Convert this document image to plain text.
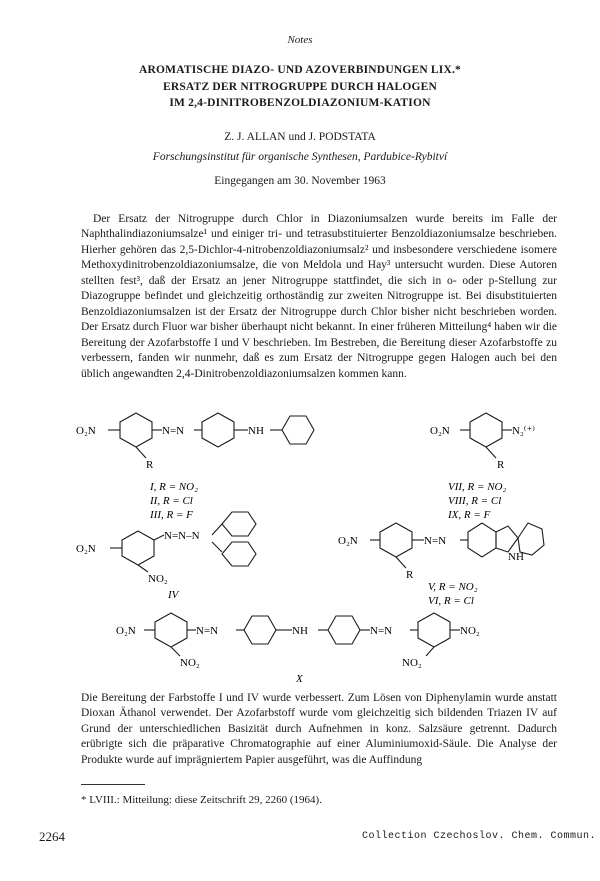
Notes
AROMATISCHE DIAZO- UND AZOVERBINDUNGEN LIX.*
ERSATZ DER NITROGRUPPE DURCH HALOGEN
IM 2,4-DINITROBENZOLDIAZONIUM-KATION
Z. J. ALLAN und J. PODSTATA
Forschungsinstitut für organische Synthesen, Pardubice-Rybitví
Eingegangen am 30. November 1963

Der Ersatz der Nitrogruppe durch Chlor in Diazoniumsalzen wurde bereits im Falle der Naphthalindiazoniumsalze¹ und einiger tri- und tetrasubstituierter Benzoldiazoniumsalze beschrieben. Hierher gehören das 2,5-Dichlor-4-nitrobenzoldiazoniumsalz² und insbesondere verschiedene isomere Methoxydinitrobenzoldiazoniumsalze, die von Meldola und Hay³ untersucht wurden. Diese Autoren stellten fest³, daß der Ersatz an jener Nitrogruppe stattfindet, die sich in o- oder p-Stellung zur Diazogruppe befindet und gleichzeitig orthoständig zur zweiten Nitrogruppe ist. Bei disubstituierten Benzoldiazoniumsalzen ist der Ersatz der Nitrogruppe durch Chlor bisher nicht beschrieben worden. Der Ersatz durch Fluor war bisher überhaupt nicht bekannt. In einer früheren Mitteilung⁴ haben wir die Bereitung der Azofarbstoffe I und V beschrieben. Im Bestreben, die Bereitung dieser Azofarbstoffe zu verbessern, fanden wir nunmehr, daß es zum Ersatz der Nitrogruppe gegen Halogen auch bei den üblich angewandten 2,4-Dinitrobenzoldiazoniumsalzen kommen kann.

O₂N	N=N	NH
R
I, R = NO₂
II, R = Cl
III, R = F
O₂N	N₂⁽⁺⁾
R
VII, R = NO₂
VIII, R = Cl
IX, R = F
O₂N
N=N–N
NO₂
IV
O₂N	N=N
NH
R
V, R = NO₂
VI, R = Cl
O₂N	N=N	NH	N=N	NO₂
NO₂	NO₂
X

Die Bereitung der Farbstoffe I und IV wurde verbessert. Zum Lösen von Diphenylamin wurde anstatt Dioxan Äthanol verwendet. Der Azofarbstoff wurde vom gleichzeitig sich bildenden Triazen IV auf Grund der unterschiedlichen Basizität durch Aufnehmen in konz. Salzsäure getrennt. Dadurch erübrigte sich die präparative Chromatographie auf einer Aluminiumoxid-Säule. Die Analyse der Produkte wurde auf imprägniertem Papier ausgeführt, was die Auffindung

* LVIII.: Mitteilung: diese Zeitschrift 29, 2260 (1964).
2264	Collection Czechoslov. Chem. Commun.
